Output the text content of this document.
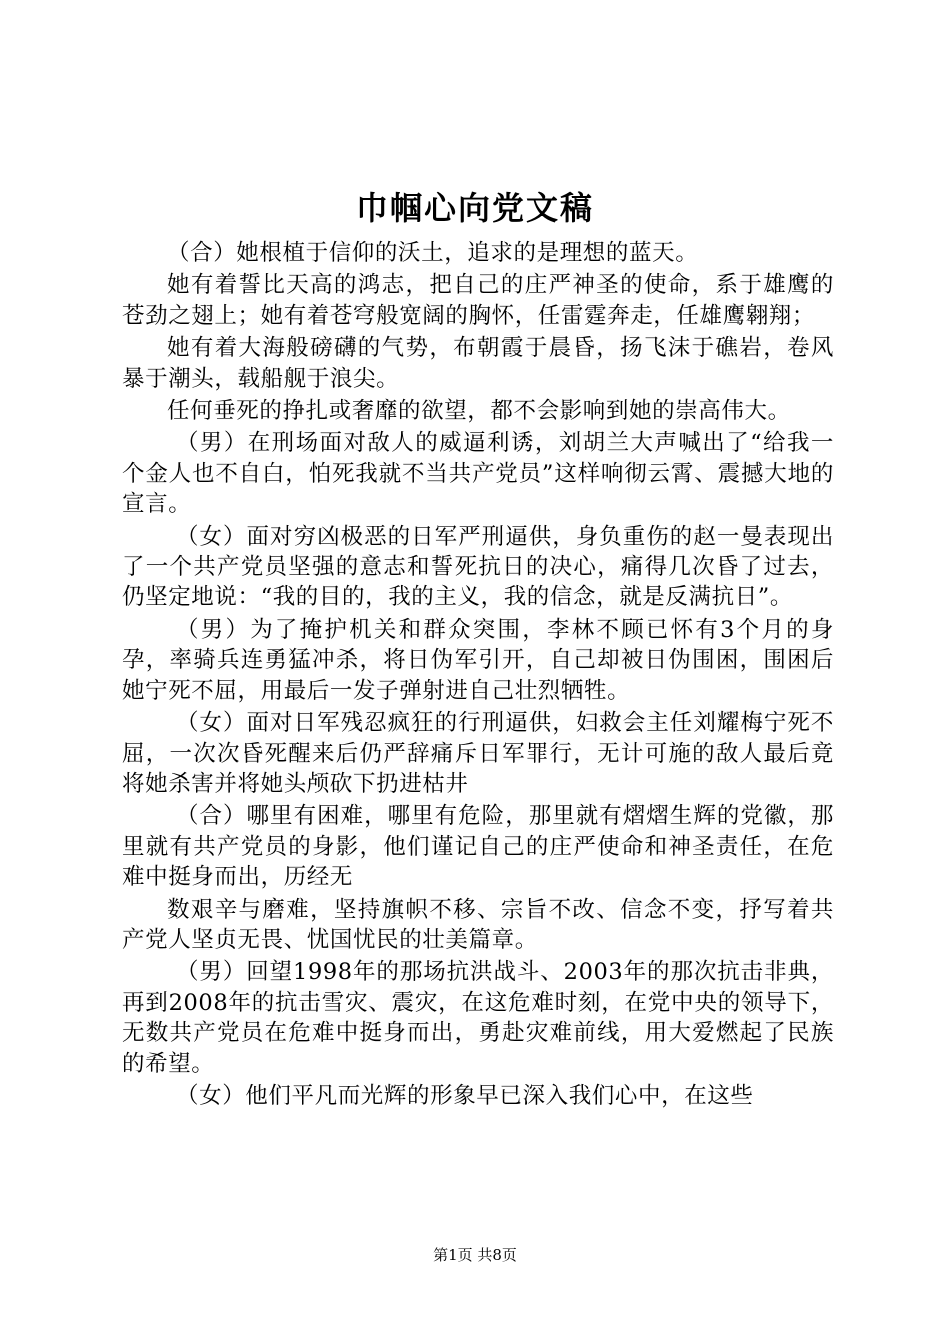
巾帼心向党文稿

（合）她根植于信仰的沃土，追求的是理想的蓝天。

她有着誓比天高的鸿志，把自己的庄严神圣的使命，系于雄鹰的苍劲之翅上；她有着苍穹般宽阔的胸怀，任雷霆奔走，任雄鹰翱翔；

她有着大海般磅礴的气势，布朝霞于晨昏，扬飞沫于礁岩，卷风暴于潮头，载船舰于浪尖。

任何垂死的挣扎或奢靡的欲望，都不会影响到她的崇高伟大。

（男）在刑场面对敌人的威逼利诱，刘胡兰大声喊出了“给我一个金人也不自白，怕死我就不当共产党员”这样响彻云霄、震撼大地的宣言。

（女）面对穷凶极恶的日军严刑逼供，身负重伤的赵一曼表现出了一个共产党员坚强的意志和誓死抗日的决心，痛得几次昏了过去，仍坚定地说：“我的目的，我的主义，我的信念，就是反满抗日”。

（男）为了掩护机关和群众突围，李林不顾已怀有3个月的身孕，率骑兵连勇猛冲杀，将日伪军引开，自己却被日伪围困，围困后她宁死不屈，用最后一发子弹射进自己壮烈牺牲。

（女）面对日军残忍疯狂的行刑逼供，妇救会主任刘耀梅宁死不屈，一次次昏死醒来后仍严辞痛斥日军罪行，无计可施的敌人最后竟将她杀害并将她头颅砍下扔进枯井

（合）哪里有困难，哪里有危险，那里就有熠熠生辉的党徽，那里就有共产党员的身影，他们谨记自己的庄严使命和神圣责任，在危难中挺身而出，历经无

数艰辛与磨难，坚持旗帜不移、宗旨不改、信念不变，抒写着共产党人坚贞无畏、忧国忧民的壮美篇章。

（男）回望1998年的那场抗洪战斗、2003年的那次抗击非典，再到2008年的抗击雪灾、震灾，在这危难时刻，在党中央的领导下，无数共产党员在危难中挺身而出，勇赴灾难前线，用大爱燃起了民族的希望。

（女）他们平凡而光辉的形象早已深入我们心中，在这些

第1页 共8页
